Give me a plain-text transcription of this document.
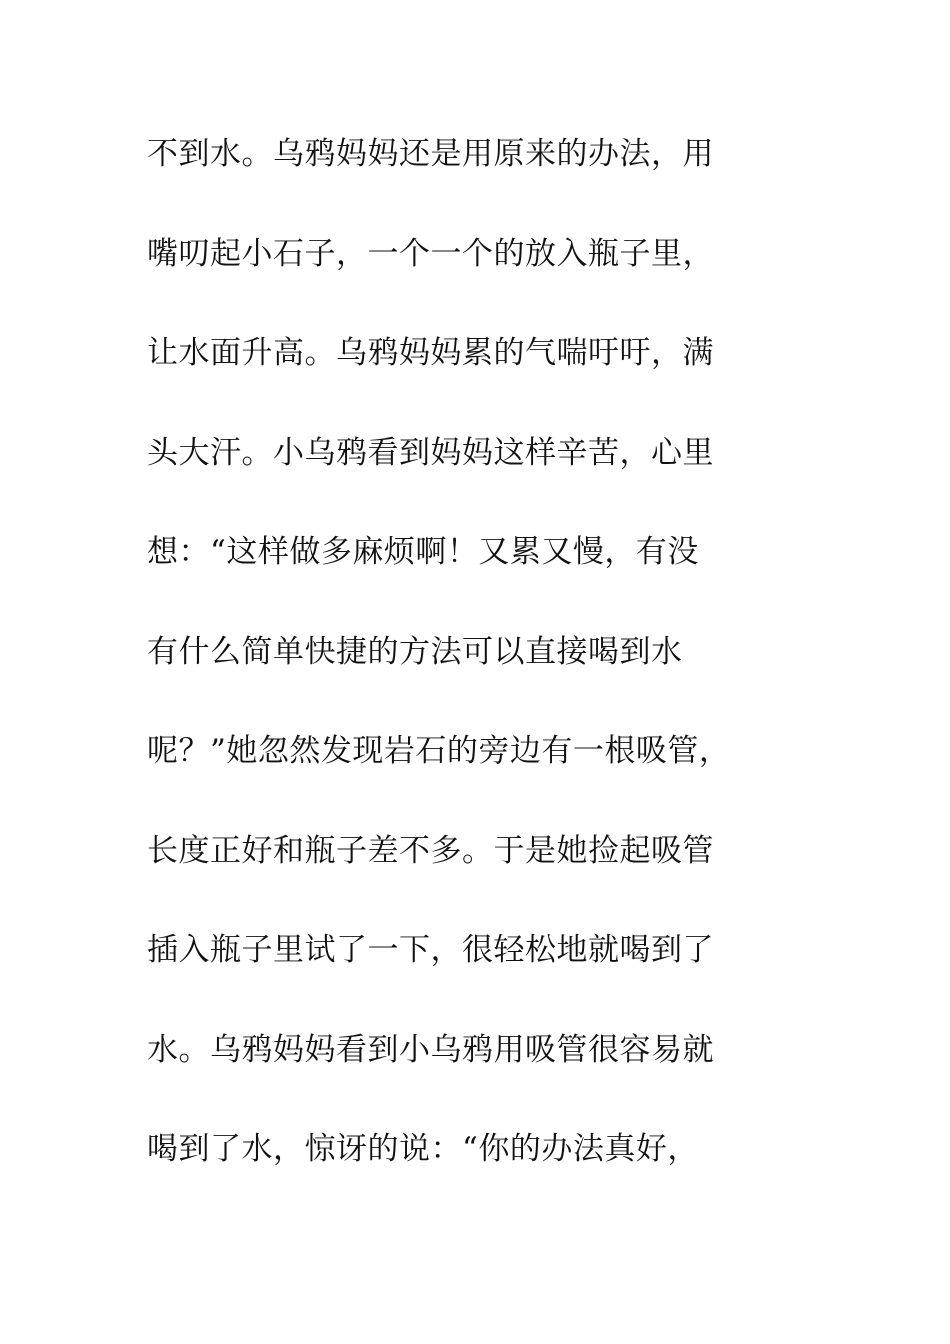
不到水。乌鸦妈妈还是用原来的办法，用
嘴叨起小石子，一个一个的放入瓶子里，
让水面升高。乌鸦妈妈累的气喘吁吁，满
头大汗。小乌鸦看到妈妈这样辛苦，心里
想：“这样做多麻烦啊！又累又慢，有没
有什么简单快捷的方法可以直接喝到水
呢？”她忽然发现岩石的旁边有一根吸管，
长度正好和瓶子差不多。于是她捡起吸管
插入瓶子里试了一下，很轻松地就喝到了
水。乌鸦妈妈看到小乌鸦用吸管很容易就
喝到了水，惊讶的说：“你的办法真好，
